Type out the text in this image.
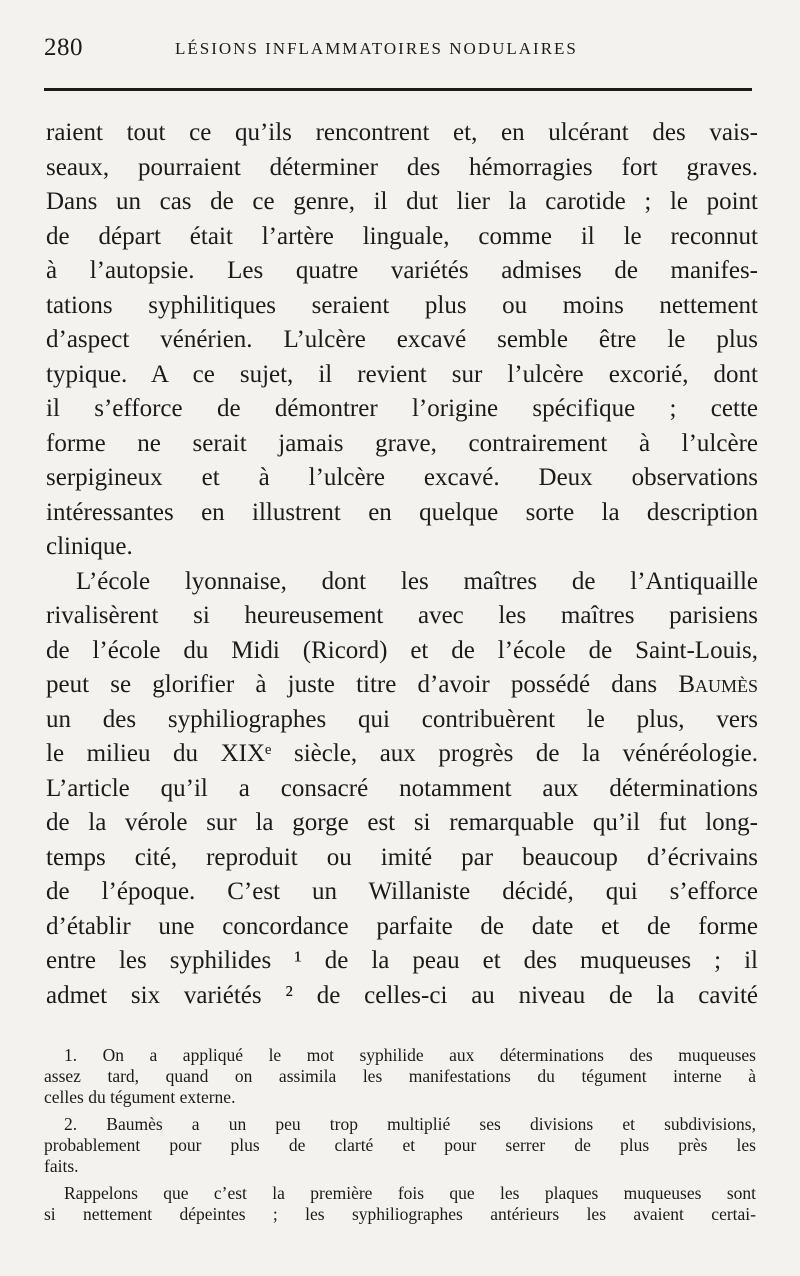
280	LÉSIONS INFLAMMATOIRES NODULAIRES
raient tout ce qu’ils rencontrent et, en ulcérant des vais-
seaux, pourraient déterminer des hémorragies fort graves.
Dans un cas de ce genre, il dut lier la carotide ; le point
de départ était l’artère linguale, comme il le reconnut
à l’autopsie. Les quatre variétés admises de manifes-
tations syphilitiques seraient plus ou moins nettement
d’aspect vénérien. L’ulcère excavé semble être le plus
typique. A ce sujet, il revient sur l’ulcère excorié, dont
il s’efforce de démontrer l’origine spécifique ; cette
forme ne serait jamais grave, contrairement à l’ulcère
serpigineux et à l’ulcère excavé. Deux observations
intéressantes en illustrent en quelque sorte la description
clinique.
L’école lyonnaise, dont les maîtres de l’Antiquaille
rivalisèrent si heureusement avec les maîtres parisiens
de l’école du Midi (Ricord) et de l’école de Saint-Louis,
peut se glorifier à juste titre d’avoir possédé dans Baumès
un des syphiliographes qui contribuèrent le plus, vers
le milieu du XIXᵉ siècle, aux progrès de la vénéréologie.
L’article qu’il a consacré notamment aux déterminations
de la vérole sur la gorge est si remarquable qu’il fut long-
temps cité, reproduit ou imité par beaucoup d’écrivains
de l’époque. C’est un Willaniste décidé, qui s’efforce
d’établir une concordance parfaite de date et de forme
entre les syphilides ¹ de la peau et des muqueuses ; il
admet six variétés ² de celles-ci au niveau de la cavité
1. On a appliqué le mot syphilide aux déterminations des muqueuses
assez tard, quand on assimila les manifestations du tégument interne à
celles du tégument externe.
2. Baumès a un peu trop multiplié ses divisions et subdivisions,
probablement pour plus de clarté et pour serrer de plus près les
faits.
Rappelons que c’est la première fois que les plaques muqueuses sont
si nettement dépeintes ; les syphiliographes antérieurs les avaient certai-
